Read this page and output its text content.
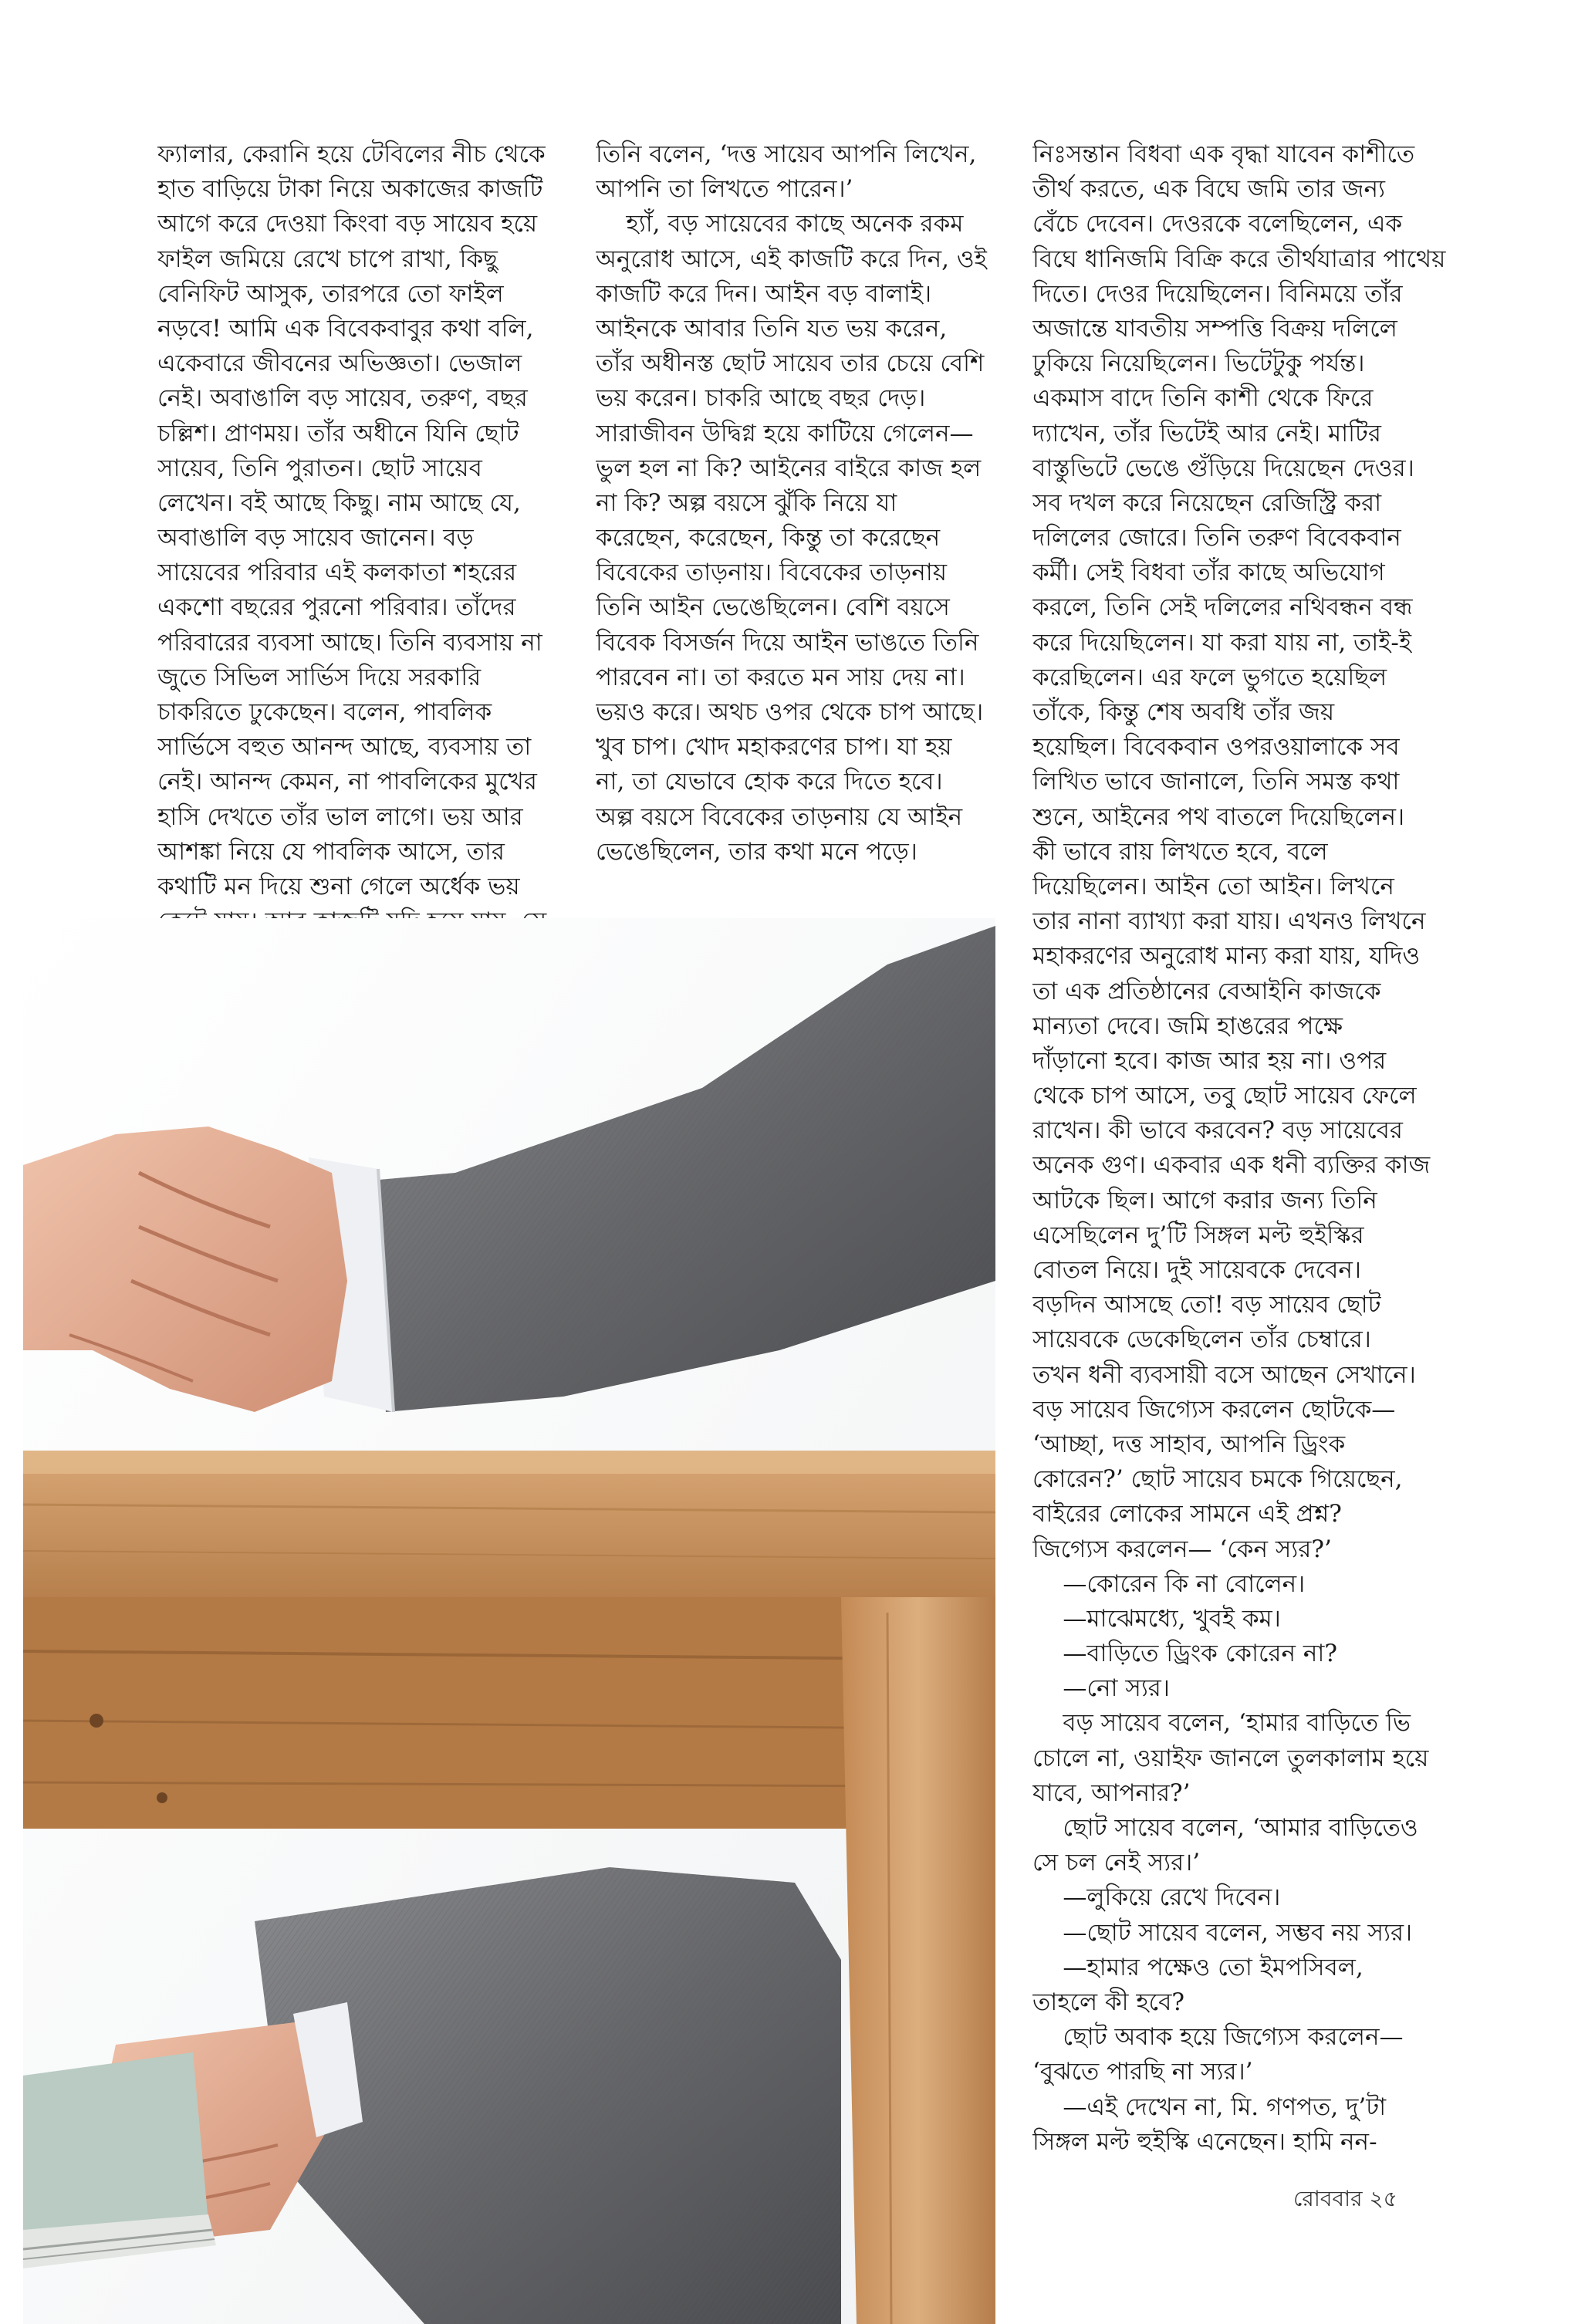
ফ্যালার, কেরানি হয়ে টেবিলের নীচ থেকে
হাত বাড়িয়ে টাকা নিয়ে অকাজের কাজটি
আগে করে দেওয়া কিংবা বড় সায়েব হয়ে
ফাইল জমিয়ে রেখে চাপে রাখা, কিছু
বেনিফিট আসুক, তারপরে তো ফাইল
নড়বে! আমি এক বিবেকবাবুর কথা বলি,
একেবারে জীবনের অভিজ্ঞতা। ভেজাল
নেই। অবাঙালি বড় সায়েব, তরুণ, বছর
চল্লিশ। প্রাণময়। তাঁর অধীনে যিনি ছোট
সায়েব, তিনি পুরাতন। ছোট সায়েব
লেখেন। বই আছে কিছু। নাম আছে যে,
অবাঙালি বড় সায়েব জানেন। বড়
সায়েবের পরিবার এই কলকাতা শহরের
একশো বছরের পুরনো পরিবার। তাঁদের
পরিবারের ব্যবসা আছে। তিনি ব্যবসায় না
জুতে সিভিল সার্ভিস দিয়ে সরকারি
চাকরিতে ঢুকেছেন। বলেন, পাবলিক
সার্ভিসে বহুত আনন্দ আছে, ব্যবসায় তা
নেই। আনন্দ কেমন, না পাবলিকের মুখের
হাসি দেখতে তাঁর ভাল লাগে। ভয় আর
আশঙ্কা নিয়ে যে পাবলিক আসে, তার
কথাটি মন দিয়ে শুনা গেলে অর্ধেক ভয়
তিনি বলেন, ‘দত্ত সায়েব আপনি লিখেন,
আপনি তা লিখতে পারেন।’
হ্যাঁ, বড় সায়েবের কাছে অনেক রকম
অনুরোধ আসে, এই কাজটি করে দিন, ওই
কাজটি করে দিন। আইন বড় বালাই।
আইনকে আবার তিনি যত ভয় করেন,
তাঁর অধীনস্ত ছোট সায়েব তার চেয়ে বেশি
ভয় করেন। চাকরি আছে বছর দেড়।
সারাজীবন উদ্বিগ্ন হয়ে কাটিয়ে গেলেন—
ভুল হল না কি? আইনের বাইরে কাজ হল
না কি? অল্প বয়সে ঝুঁকি নিয়ে যা
করেছেন, করেছেন, কিন্তু তা করেছেন
বিবেকের তাড়নায়। বিবেকের তাড়নায়
তিনি আইন ভেঙেছিলেন। বেশি বয়সে
বিবেক বিসর্জন দিয়ে আইন ভাঙতে তিনি
পারবেন না। তা করতে মন সায় দেয় না।
ভয়ও করে। অথচ ওপর থেকে চাপ আছে।
খুব চাপ। খোদ মহাকরণের চাপ। যা হয়
না, তা যেভাবে হোক করে দিতে হবে।
অল্প বয়সে বিবেকের তাড়নায় যে আইন
ভেঙেছিলেন, তার কথা মনে পড়ে।
নিঃসন্তান বিধবা এক বৃদ্ধা যাবেন কাশীতে
তীর্থ করতে, এক বিঘে জমি তার জন্য
বেঁচে দেবেন। দেওরকে বলেছিলেন, এক
বিঘে ধানিজমি বিক্রি করে তীর্থযাত্রার পাথেয়
দিতে। দেওর দিয়েছিলেন। বিনিময়ে তাঁর
অজান্তে যাবতীয় সম্পত্তি বিক্রয় দলিলে
ঢুকিয়ে নিয়েছিলেন। ভিটেটুকু পর্যন্ত।
একমাস বাদে তিনি কাশী থেকে ফিরে
দ্যাখেন, তাঁর ভিটেই আর নেই। মাটির
বাস্তুভিটে ভেঙে গুঁড়িয়ে দিয়েছেন দেওর।
সব দখল করে নিয়েছেন রেজিস্ট্রি করা
দলিলের জোরে। তিনি তরুণ বিবেকবান
কর্মী। সেই বিধবা তাঁর কাছে অভিযোগ
করলে, তিনি সেই দলিলের নথিবন্ধন বন্ধ
করে দিয়েছিলেন। যা করা যায় না, তাই-ই
করেছিলেন। এর ফলে ভুগতে হয়েছিল
তাঁকে, কিন্তু শেষ অবধি তাঁর জয়
হয়েছিল। বিবেকবান ওপরওয়ালাকে সব
লিখিত ভাবে জানালে, তিনি সমস্ত কথা
শুনে, আইনের পথ বাতলে দিয়েছিলেন।
কী ভাবে রায় লিখতে হবে, বলে
দিয়েছিলেন। আইন তো আইন। লিখনে
তার নানা ব্যাখ্যা করা যায়। এখনও লিখনে
মহাকরণের অনুরোধ মান্য করা যায়, যদিও
তা এক প্রতিষ্ঠানের বেআইনি কাজকে
মান্যতা দেবে। জমি হাঙরের পক্ষে
দাঁড়ানো হবে। কাজ আর হয় না। ওপর
থেকে চাপ আসে, তবু ছোট সায়েব ফেলে
রাখেন। কী ভাবে করবেন? বড় সায়েবের
অনেক গুণ। একবার এক ধনী ব্যক্তির কাজ
আটকে ছিল। আগে করার জন্য তিনি
এসেছিলেন দু’টি সিঙ্গল মল্ট হুইস্কির
বোতল নিয়ে। দুই সায়েবকে দেবেন।
বড়দিন আসছে তো! বড় সায়েব ছোট
সায়েবকে ডেকেছিলেন তাঁর চেম্বারে।
তখন ধনী ব্যবসায়ী বসে আছেন সেখানে।
বড় সায়েব জিগ্যেস করলেন ছোটকে—
‘আচ্ছা, দত্ত সাহাব, আপনি ড্রিংক
কোরেন?’ ছোট সায়েব চমকে গিয়েছেন,
বাইরের লোকের সামনে এই প্রশ্ন?
জিগ্যেস করলেন— ‘কেন স্যর?’
—কোরেন কি না বোলেন।
—মাঝেমধ্যে, খুবই কম।
—বাড়িতে ড্রিংক কোরেন না?
—নো স্যর।
বড় সায়েব বলেন, ‘হামার বাড়িতে ভি
চোলে না, ওয়াইফ জানলে তুলকালাম হয়ে
যাবে, আপনার?’
ছোট সায়েব বলেন, ‘আমার বাড়িতেও
সে চল নেই স্যর।’
—লুকিয়ে রেখে দিবেন।
—ছোট সায়েব বলেন, সম্ভব নয় স্যর।
—হামার পক্ষেও তো ইমপসিবল,
তাহলে কী হবে?
ছোট অবাক হয়ে জিগ্যেস করলেন—
‘বুঝতে পারছি না স্যর।’
—এই দেখেন না, মি. গণপত, দু’টা
সিঙ্গল মল্ট হুইস্কি এনেছেন। হামি নন-
রোববার ২৫
